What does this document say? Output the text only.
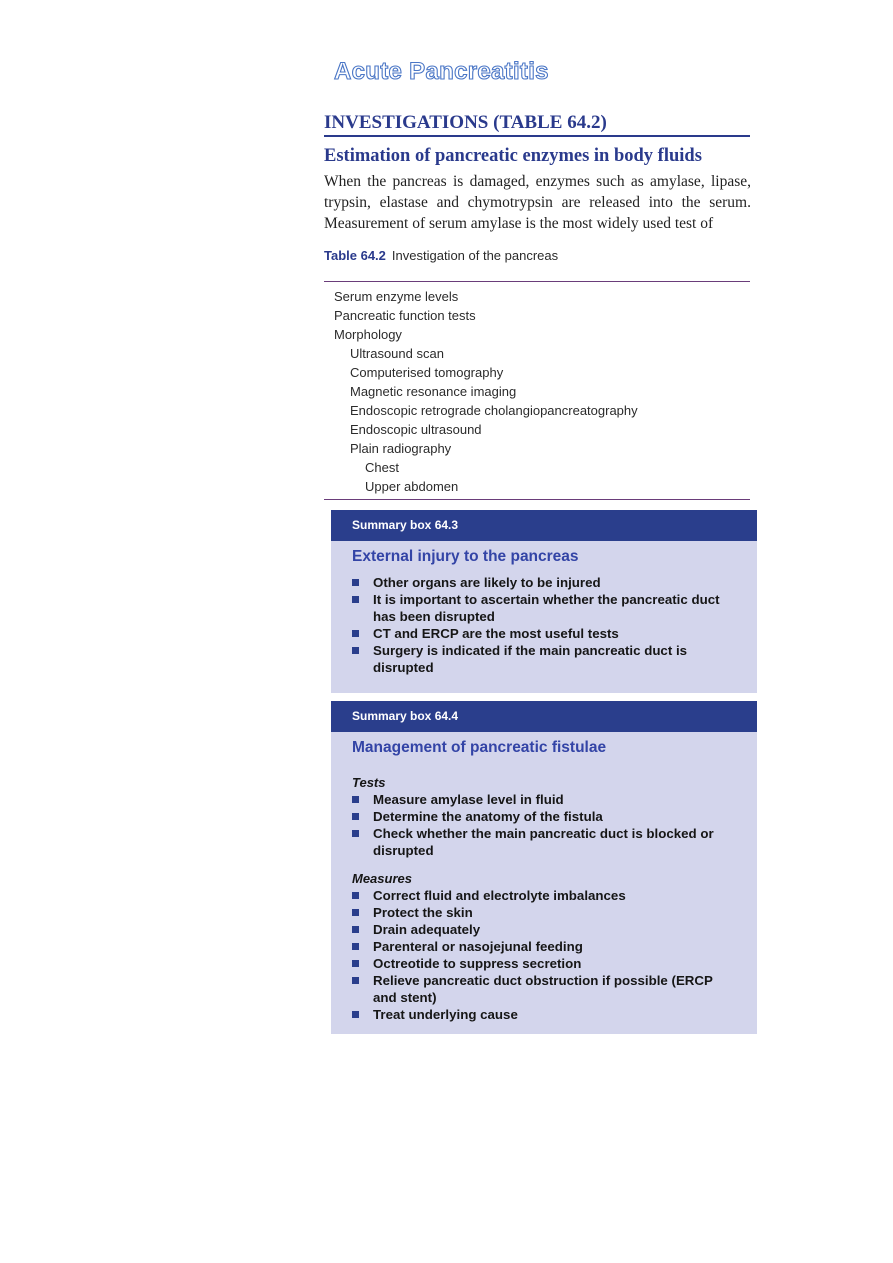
Acute Pancreatitis
INVESTIGATIONS (TABLE 64.2)
Estimation of pancreatic enzymes in body fluids
When the pancreas is damaged, enzymes such as amylase, lipase, trypsin, elastase and chymotrypsin are released into the serum. Measurement of serum amylase is the most widely used test of
Table 64.2 Investigation of the pancreas
Serum enzyme levels
Pancreatic function tests
Morphology
Ultrasound scan
Computerised tomography
Magnetic resonance imaging
Endoscopic retrograde cholangiopancreatography
Endoscopic ultrasound
Plain radiography
Chest
Upper abdomen
Summary box 64.3
External injury to the pancreas
Other organs are likely to be injured
It is important to ascertain whether the pancreatic duct has been disrupted
CT and ERCP are the most useful tests
Surgery is indicated if the main pancreatic duct is disrupted
Summary box 64.4
Management of pancreatic fistulae
Tests
Measure amylase level in fluid
Determine the anatomy of the fistula
Check whether the main pancreatic duct is blocked or disrupted
Measures
Correct fluid and electrolyte imbalances
Protect the skin
Drain adequately
Parenteral or nasojejunal feeding
Octreotide to suppress secretion
Relieve pancreatic duct obstruction if possible (ERCP and stent)
Treat underlying cause
